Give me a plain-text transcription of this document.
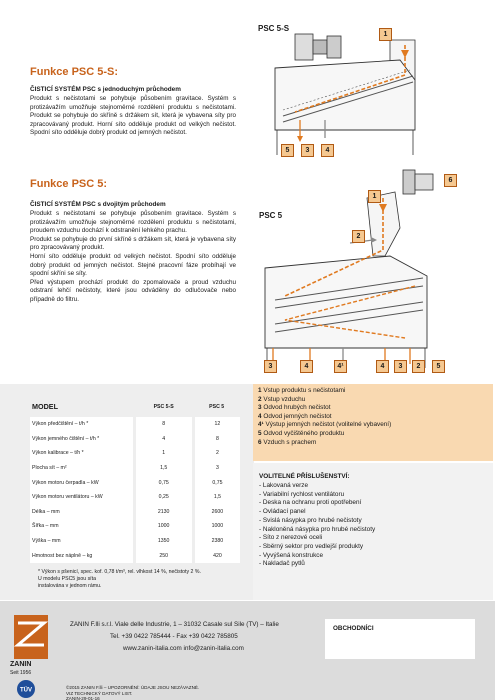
Funkce PSC 5-S:
ČISTICÍ SYSTÉM PSC s jednoduchým průchodem

Produkt s nečistotami se pohybuje působením gravitace. Systém s protizávažím umožňuje stejnoměrné rozdělení produktu s nečistotami. Produkt se pohybuje do skříně s držákem sít, která je vybavena síty pro zpracovávaný produkt. Horní síto odděluje produkt od velkých nečistot. Spodní síto odděluje dobrý produkt od jemných nečistot.

PSC 5-S
1
5	3	4
Funkce PSC 5:
ČISTICÍ SYSTÉM PSC s dvojitým průchodem

Produkt s nečistotami se pohybuje působením gravitace. Systém s protizávažím umožňuje stejnoměrné rozdělení produktu s nečistotami, proudem vzduchu dochází k odstranění lehkého prachu.

Produkt se pohybuje do první skříně s držákem sít, která je vybavena síty pro zpracovávaný produkt.

Horní síto odděluje produkt od velkých nečistot. Spodní síto odděluje dobrý produkt od jemných nečistot. Stejné pracovní fáze probíhají ve spodní skříni se síty.

Před výstupem prochází produkt do zpomalovače a proud vzduchu odstraní lehčí nečistoty, které jsou odváděny do odlučovače nebo případně do filtru.

PSC 5
1
6
2
3	4	4¹	4	3	2	5
MODEL	PSC 5-S	PSC 5
Výkon předčištění – t/h *	8	12
Výkon jemného čištění – t/h *	4	8
Výkon kalibrace – t/h *	1	2
Plocha sít – m²	1,5	3
Výkon motoru čerpadla – kW	0,75	0,75
Výkon motoru ventilátoru – kW	0,25	1,5
Délka – mm	2130	2600
Šířka – mm	1000	1000
Výška – mm	1350	2380
Hmotnost bez náplně – kg	250	420
* Výkon s pšenicí, spec. kof. 0,78 t/m³, rel. vlhkost 14 %, nečistoty 2 %.
U modelu PSC5 jsou síta
instalována v jednom rámu.
1 Vstup produktu s nečistotami
2 Vstup vzduchu
3 Odvod hrubých nečistot
4 Odvod jemných nečistot
4¹ Výstup jemných nečistot (volitelné vybavení)
5 Odvod vyčištěného produktu
6 Vzduch s prachem
VOLITELNÉ PŘÍSLUŠENSTVÍ:
- Lakovaná verze
- Variabilní rychlost ventilátoru
- Deska na ochranu proti opotřebení
- Ovládací panel
- Svislá násypka pro hrubé nečistoty
- Nakloněná násypka pro hrubé nečistoty
- Síto z nerezové oceli
- Sběrný sektor pro vedlejší produkty
- Vyvýšená konstrukce
- Nakladač pytlů
ZANIN
Seit 1956
TÜV
ZANIN F.lli s.r.l. Viale delle Industrie, 1 – 31032 Casale sul Sile (TV) – Italie
Tel. +39 0422 785444 - Fax +39 0422 785805
www.zanin-italia.com info@zanin-italia.com
©2015 ZANIN F.lli – UPOZORNĚNÍ: ÚDAJE JSOU NEZÁVAZNÉ.
VIZ TECHNICKÝ DATOVÝ LIST.
ZANIN-29-01-16
OBCHODNÍCI
